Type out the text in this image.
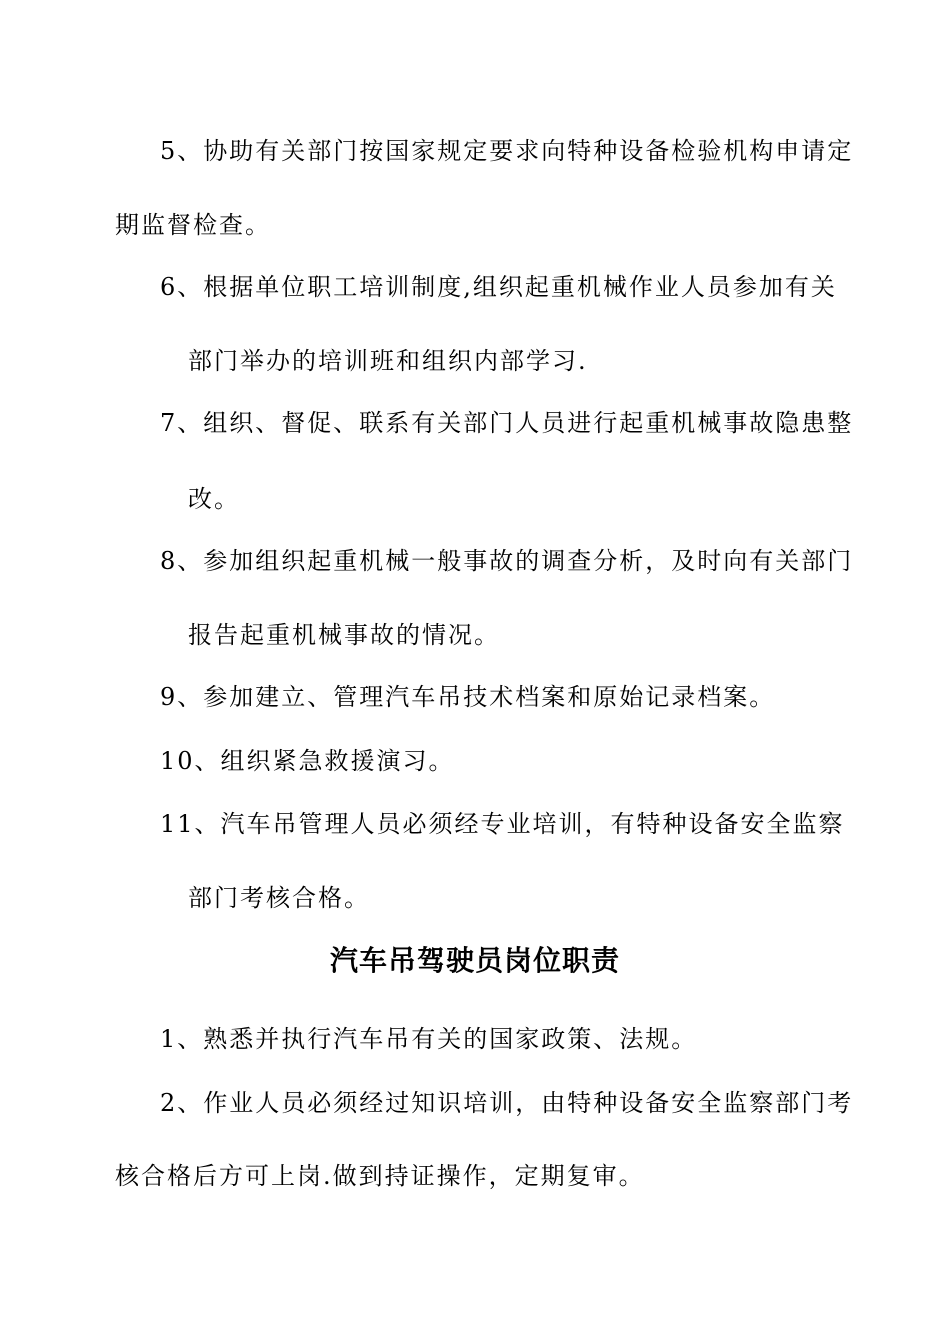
5、协助有关部门按国家规定要求向特种设备检验机构申请定
期监督检查。
6、根据单位职工培训制度,组织起重机械作业人员参加有关
部门举办的培训班和组织内部学习.
7、组织、督促、联系有关部门人员进行起重机械事故隐患整
改。
8、参加组织起重机械一般事故的调查分析，及时向有关部门
报告起重机械事故的情况。
9、参加建立、管理汽车吊技术档案和原始记录档案。
10、组织紧急救援演习。
11、汽车吊管理人员必须经专业培训，有特种设备安全监察
部门考核合格。
汽车吊驾驶员岗位职责
1、熟悉并执行汽车吊有关的国家政策、法规。
2、作业人员必须经过知识培训，由特种设备安全监察部门考
核合格后方可上岗.做到持证操作，定期复审。
